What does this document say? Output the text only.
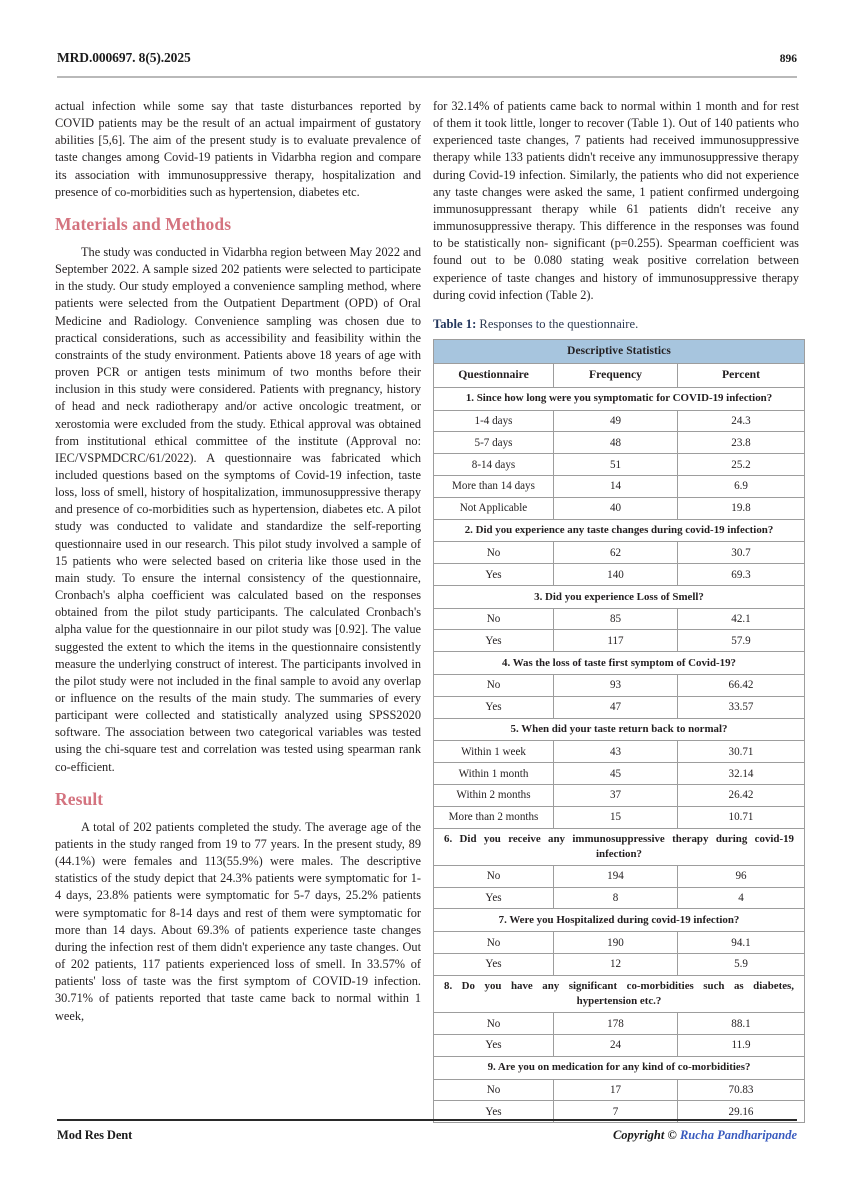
MRD.000697. 8(5).2025	896

actual infection while some say that taste disturbances reported by COVID patients may be the result of an actual impairment of gustatory abilities [5,6]. The aim of the present study is to evaluate prevalence of taste changes among Covid-19 patients in Vidarbha region and compare its association with immunosuppressive therapy, hospitalization and presence of co-morbidities such as hypertension, diabetes etc.

Materials and Methods

The study was conducted in Vidarbha region between May 2022 and September 2022. A sample sized 202 patients were selected to participate in the study. Our study employed a convenience sampling method, where patients were selected from the Outpatient Department (OPD) of Oral Medicine and Radiology. Convenience sampling was chosen due to practical considerations, such as accessibility and feasibility within the constraints of the study environment. Patients above 18 years of age with proven PCR or antigen tests minimum of two months before their inclusion in this study were considered. Patients with pregnancy, history of head and neck radiotherapy and/or active oncologic treatment, or xerostomia were excluded from the study. Ethical approval was obtained from institutional ethical committee of the institute (Approval no: IEC/VSPMDCRC/61/2022). A questionnaire was fabricated which included questions based on the symptoms of Covid-19 infection, taste loss, loss of smell, history of hospitalization, immunosuppressive therapy and presence of co-morbidities such as hypertension, diabetes etc. A pilot study was conducted to validate and standardize the self-reporting questionnaire used in our research. This pilot study involved a sample of 15 patients who were selected based on criteria like those used in the main study. To ensure the internal consistency of the questionnaire, Cronbach's alpha coefficient was calculated based on the responses obtained from the pilot study participants. The calculated Cronbach's alpha value for the questionnaire in our pilot study was [0.92]. The value suggested the extent to which the items in the questionnaire consistently measure the underlying construct of interest. The participants involved in the pilot study were not included in the final sample to avoid any overlap or influence on the results of the main study. The summaries of every participant were collected and statistically analyzed using SPSS2020 software. The association between two categorical variables was tested using the chi-square test and correlation was tested using spearman rank co-efficient.

Result

A total of 202 patients completed the study. The average age of the patients in the study ranged from 19 to 77 years. In the present study, 89 (44.1%) were females and 113(55.9%) were males. The descriptive statistics of the study depict that 24.3% patients were symptomatic for 1-4 days, 23.8% patients were symptomatic for 5-7 days, 25.2% patients were symptomatic for 8-14 days and rest of them were symptomatic for more than 14 days. About 69.3% of patients experience taste changes during the infection rest of them didn't experience any taste changes. Out of 202 patients, 117 patients experienced loss of smell. In 33.57% of patients' loss of taste was the first symptom of COVID-19 infection. 30.71% of patients reported that taste came back to normal within 1 week,

for 32.14% of patients came back to normal within 1 month and for rest of them it took little, longer to recover (Table 1). Out of 140 patients who experienced taste changes, 7 patients had received immunosuppressive therapy while 133 patients didn't receive any immunosuppressive therapy during Covid-19 infection. Similarly, the patients who did not experience any taste changes were asked the same, 1 patient confirmed undergoing immunosuppressant therapy while 61 patients didn't receive any immunosuppressive therapy. This difference in the responses was found to be statistically non- significant (p=0.255). Spearman coefficient was found out to be 0.080 stating weak positive correlation between experience of taste changes and history of immunosuppressive therapy during covid infection (Table 2).

Table 1: Responses to the questionnaire.
Descriptive Statistics		
Questionnaire	Frequency	Percent
1. Since how long were you symptomatic for COVID-19 infection?		
1-4 days	49	24.3
5-7 days	48	23.8
8-14 days	51	25.2
More than 14 days	14	6.9
Not Applicable	40	19.8
2. Did you experience any taste changes during covid-19 infection?		
No	62	30.7
Yes	140	69.3
3. Did you experience Loss of Smell?		
No	85	42.1
Yes	117	57.9
4. Was the loss of taste first symptom of Covid-19?		
No	93	66.42
Yes	47	33.57
5. When did your taste return back to normal?		
Within 1 week	43	30.71
Within 1 month	45	32.14
Within 2 months	37	26.42
More than 2 months	15	10.71
6. Did you receive any immunosuppressive therapy during covid-19 infection?		
No	194	96
Yes	8	4
7. Were you Hospitalized during covid-19 infection?		
No	190	94.1
Yes	12	5.9
8. Do you have any significant co-morbidities such as diabetes, hypertension etc.?		
No	178	88.1
Yes	24	11.9
9. Are you on medication for any kind of co-morbidities?		
No	17	70.83
Yes	7	29.16
Mod Res Dent	Copyright © Rucha Pandharipande
